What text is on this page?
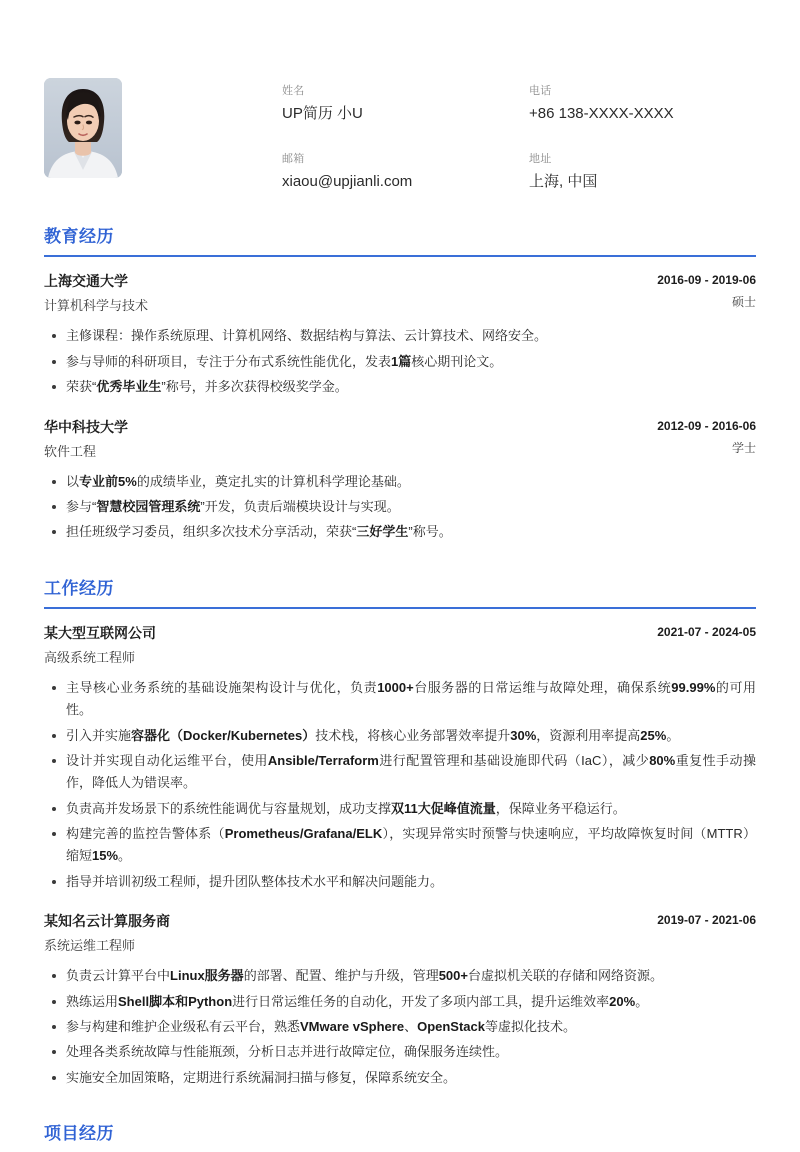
姓名
UP简历 小U
电话
+86 138-XXXX-XXXX
邮箱
xiaou@upjianli.com
地址
上海, 中国
教育经历
上海交通大学
计算机科学与技术
2016-09 - 2019-06
硕士
主修课程：操作系统原理、计算机网络、数据结构与算法、云计算技术、网络安全。
参与导师的科研项目，专注于分布式系统性能优化，发表1篇核心期刊论文。
荣获“优秀毕业生”称号，并多次获得校级奖学金。
华中科技大学
软件工程
2012-09 - 2016-06
学士
以专业前5%的成绩毕业，奠定扎实的计算机科学理论基础。
参与“智慧校园管理系统”开发，负责后端模块设计与实现。
担任班级学习委员，组织多次技术分享活动，荣获“三好学生”称号。
工作经历
某大型互联网公司
高级系统工程师
2021-07 - 2024-05
主导核心业务系统的基础设施架构设计与优化，负责1000+台服务器的日常运维与故障处理，确保系统99.99%的可用性。
引入并实施容器化（Docker/Kubernetes）技术栈，将核心业务部署效率提升30%，资源利用率提高25%。
设计并实现自动化运维平台，使用Ansible/Terraform进行配置管理和基础设施即代码（IaC），减少80%重复性手动操作，降低人为错误率。
负责高并发场景下的系统性能调优与容量规划，成功支撑双11大促峰值流量，保障业务平稳运行。
构建完善的监控告警体系（Prometheus/Grafana/ELK），实现异常实时预警与快速响应，平均故障恢复时间（MTTR）缩短15%。
指导并培训初级工程师，提升团队整体技术水平和解决问题能力。
某知名云计算服务商
系统运维工程师
2019-07 - 2021-06
负责云计算平台中Linux服务器的部署、配置、维护与升级，管理500+台虚拟机关联的存储和网络资源。
熟练运用Shell脚本和Python进行日常运维任务的自动化，开发了多项内部工具，提升运维效率20%。
参与构建和维护企业级私有云平台，熟悉VMware vSphere、OpenStack等虚拟化技术。
处理各类系统故障与性能瓶颈，分析日志并进行故障定位，确保服务连续性。
实施安全加固策略，定期进行系统漏洞扫描与修复，保障系统安全。
项目经历
